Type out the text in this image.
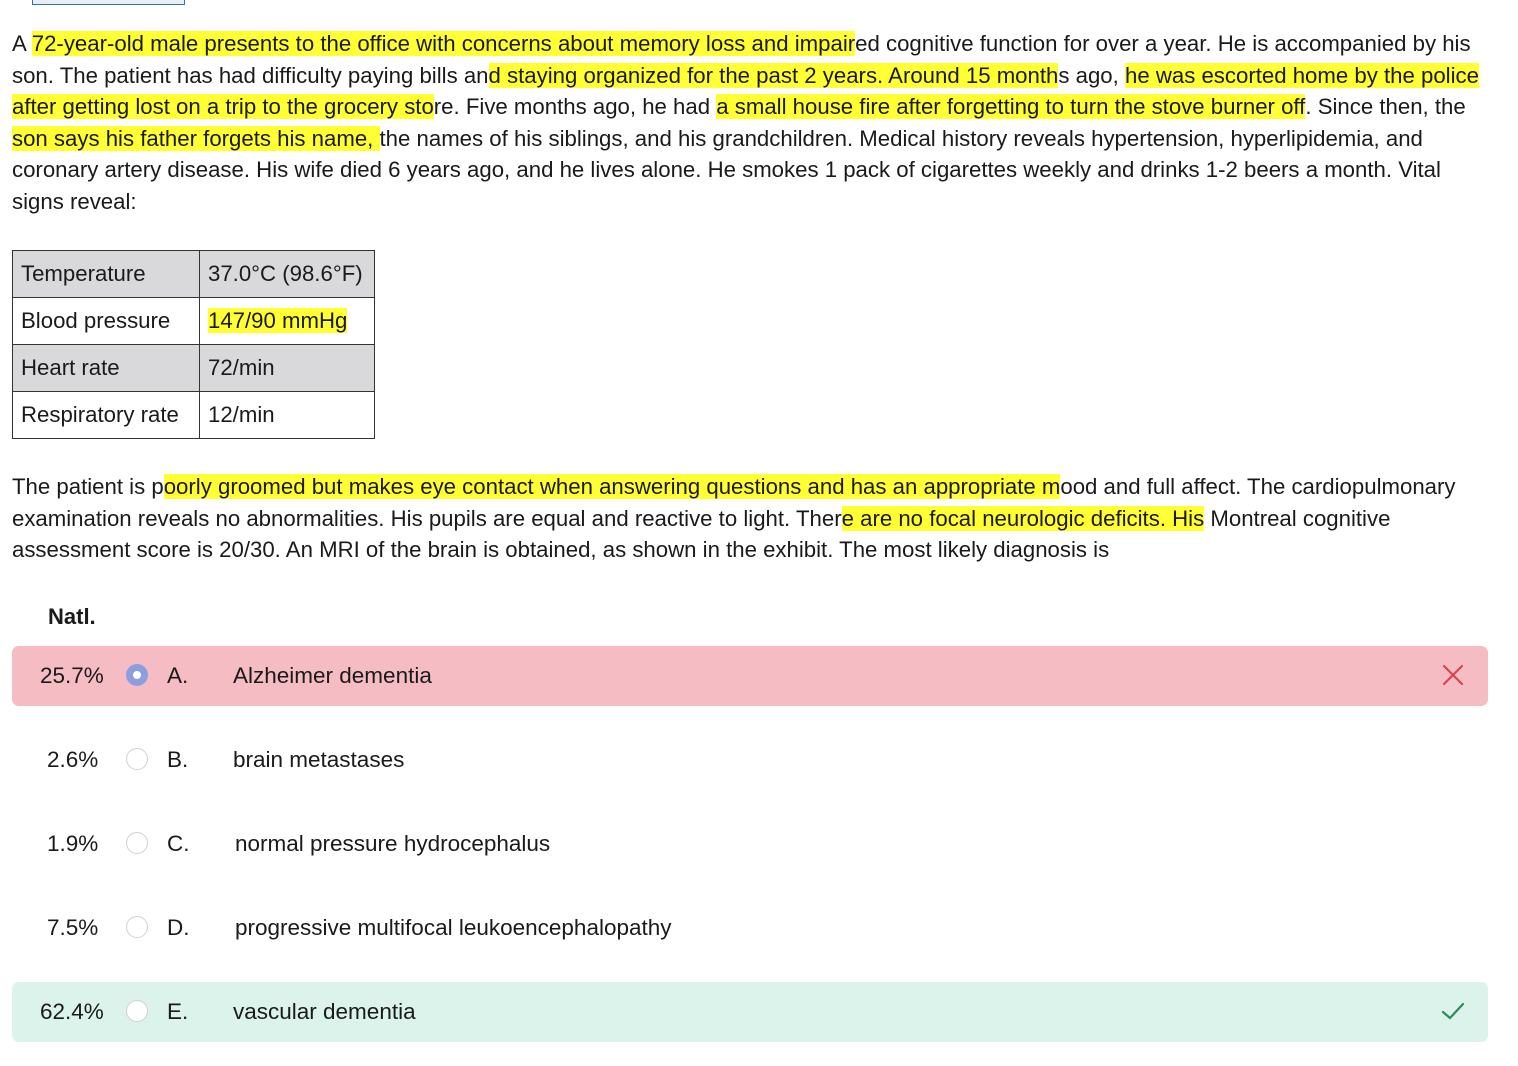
A 72-year-old male presents to the office with concerns about memory loss and impaired cognitive function for over a year. He is accompanied by his son. The patient has had difficulty paying bills and staying organized for the past 2 years. Around 15 months ago, he was escorted home by the police after getting lost on a trip to the grocery store. Five months ago, he had a small house fire after forgetting to turn the stove burner off. Since then, the son says his father forgets his name, the names of his siblings, and his grandchildren. Medical history reveals hypertension, hyperlipidemia, and coronary artery disease. His wife died 6 years ago, and he lives alone. He smokes 1 pack of cigarettes weekly and drinks 1-2 beers a month. Vital signs reveal:
Temperature	37.0°C (98.6°F)
Blood pressure	147/90 mmHg
Heart rate	72/min
Respiratory rate	12/min
The patient is poorly groomed but makes eye contact when answering questions and has an appropriate mood and full affect. The cardiopulmonary examination reveals no abnormalities. His pupils are equal and reactive to light. There are no focal neurologic deficits. His Montreal cognitive assessment score is 20/30. An MRI of the brain is obtained, as shown in the exhibit. The most likely diagnosis is
Natl.
25.7%	A. Alzheimer dementia
2.6%	B. brain metastases
1.9%	C. normal pressure hydrocephalus
7.5%	D. progressive multifocal leukoencephalopathy
62.4%	E. vascular dementia
